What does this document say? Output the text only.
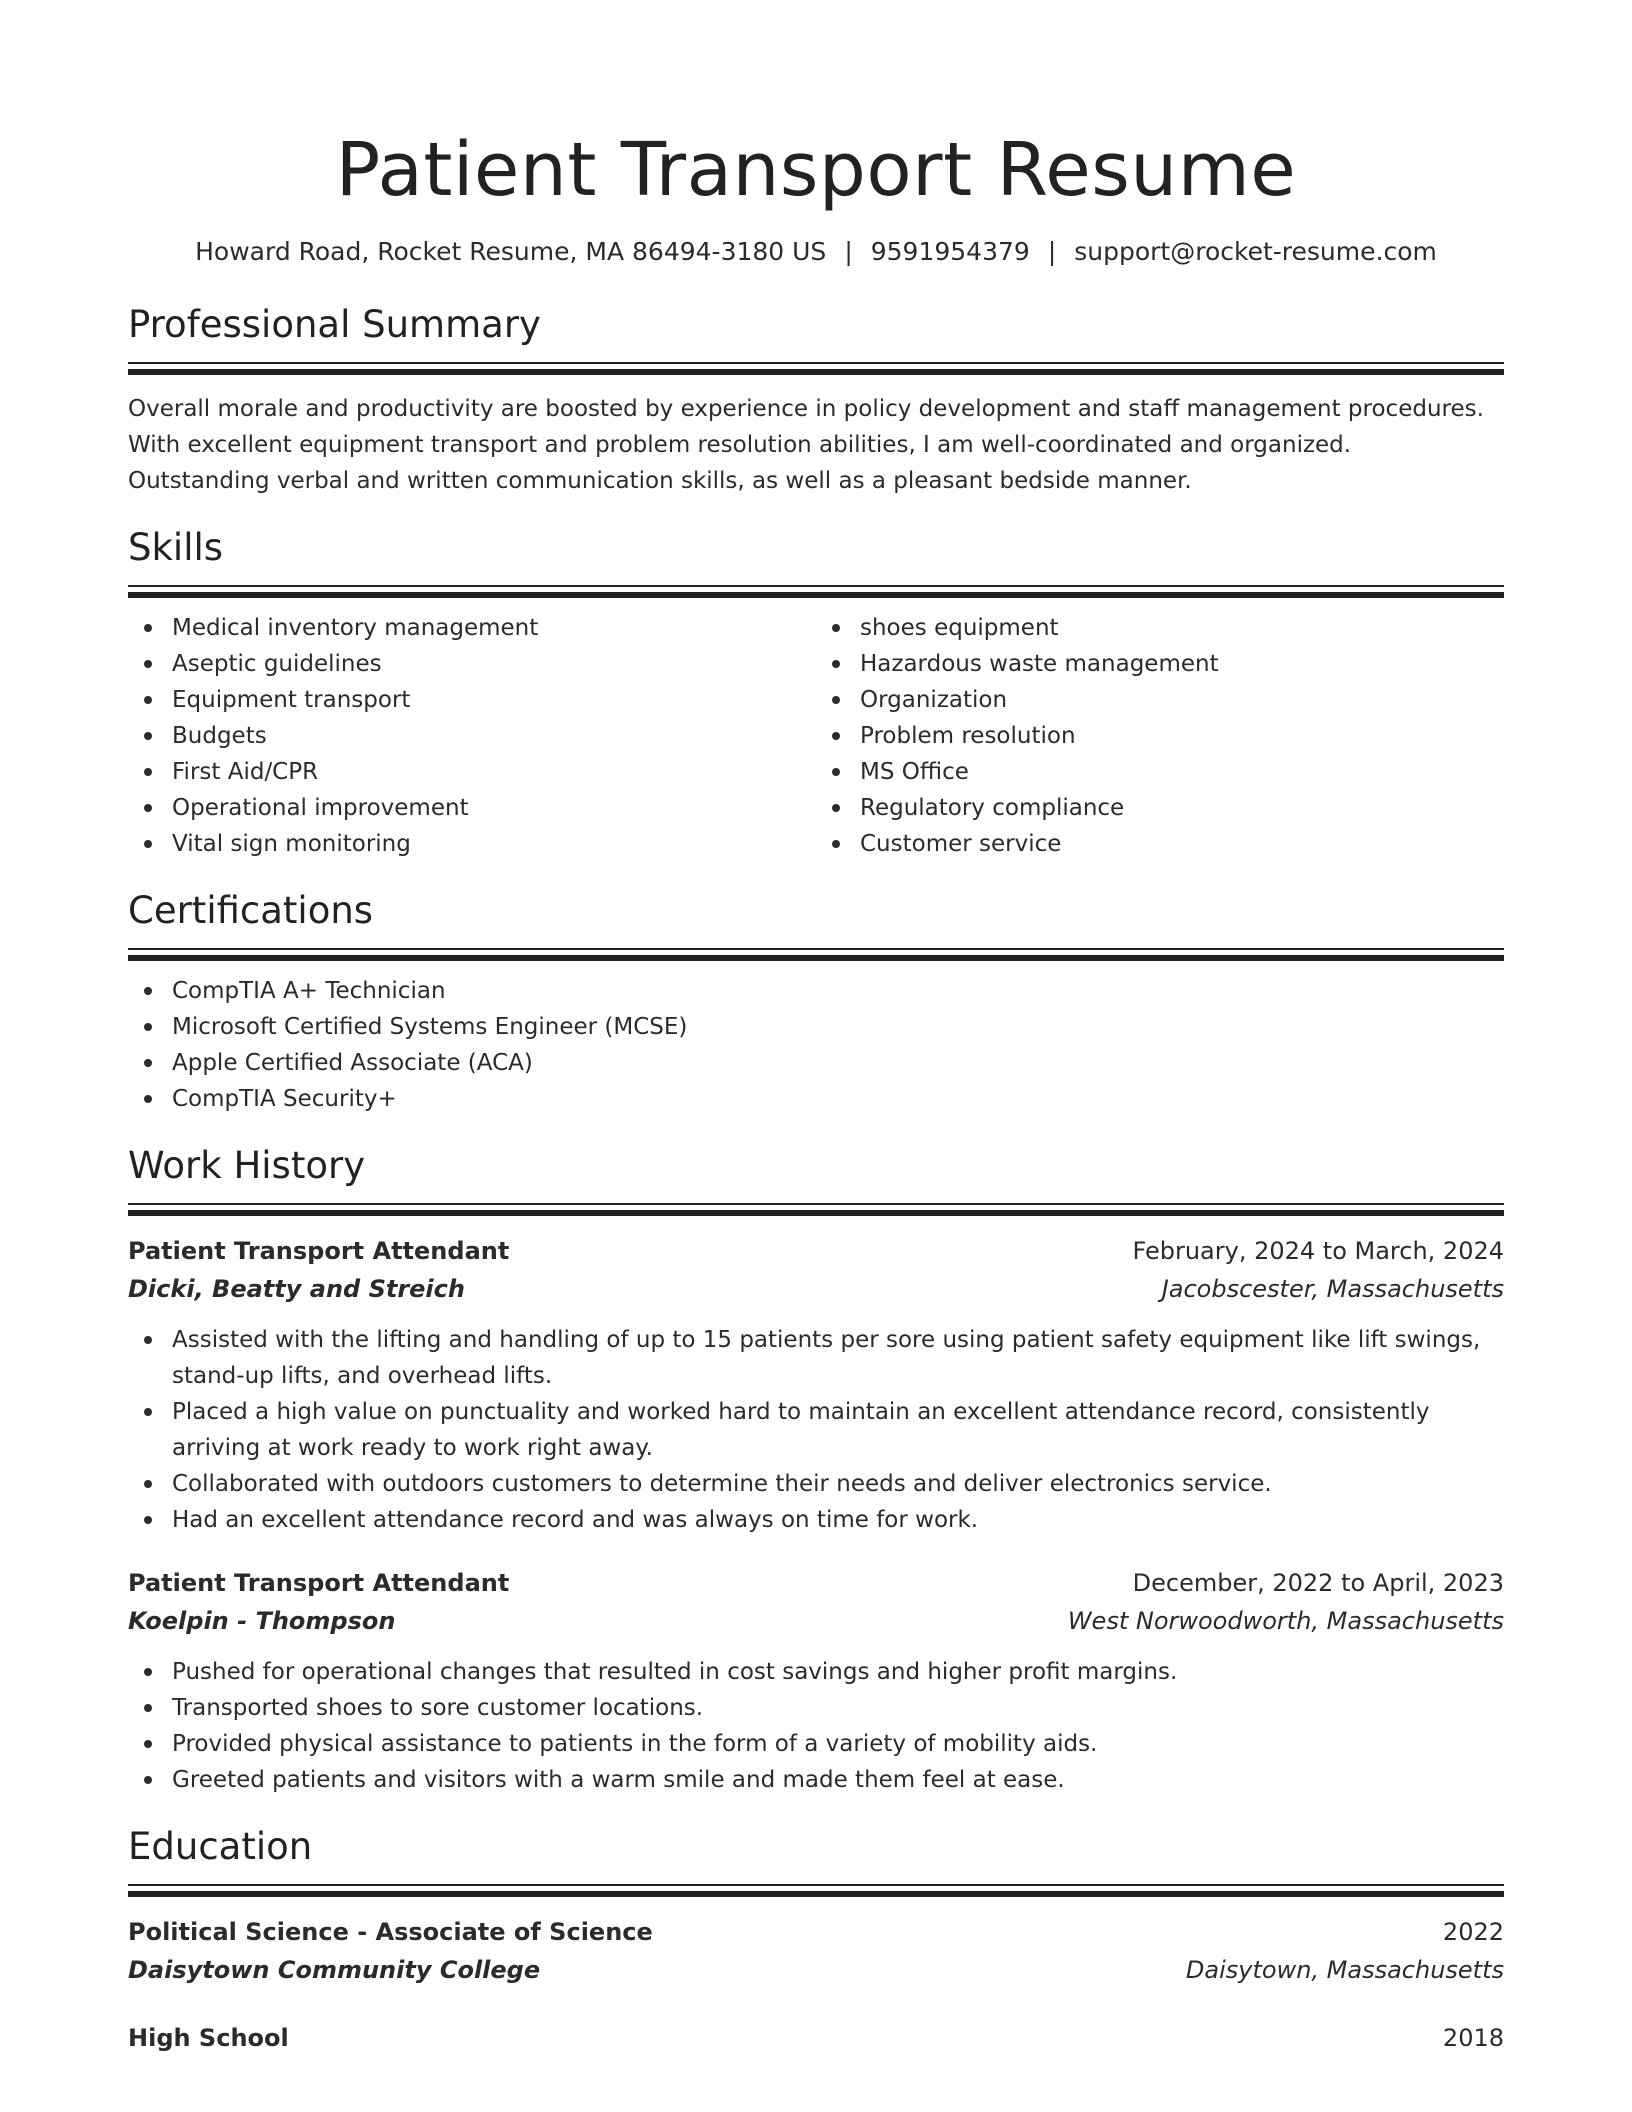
Patient Transport Resume
Howard Road, Rocket Resume, MA 86494-3180 US | 9591954379 | support@rocket-resume.com
Professional Summary

Overall morale and productivity are boosted by experience in policy development and staff management procedures.

With excellent equipment transport and problem resolution abilities, I am well-coordinated and organized.

Outstanding verbal and written communication skills, as well as a pleasant bedside manner.

Skills
Medical inventory management
Aseptic guidelines
Equipment transport
Budgets
First Aid/CPR
Operational improvement
Vital sign monitoring
shoes equipment
Hazardous waste management
Organization
Problem resolution
MS Office
Regulatory compliance
Customer service
Certifications
CompTIA A+ Technician
Microsoft Certified Systems Engineer (MCSE)
Apple Certified Associate (ACA)
CompTIA Security+
Work History
Patient Transport Attendant	February, 2024 to March, 2024
Dicki, Beatty and Streich	Jacobscester, Massachusetts
Assisted with the lifting and handling of up to 15 patients per sore using patient safety equipment like lift swings, stand-up lifts, and overhead lifts.
Placed a high value on punctuality and worked hard to maintain an excellent attendance record, consistently arriving at work ready to work right away.
Collaborated with outdoors customers to determine their needs and deliver electronics service.
Had an excellent attendance record and was always on time for work.
Patient Transport Attendant	December, 2022 to April, 2023
Koelpin - Thompson	West Norwoodworth, Massachusetts
Pushed for operational changes that resulted in cost savings and higher profit margins.
Transported shoes to sore customer locations.
Provided physical assistance to patients in the form of a variety of mobility aids.
Greeted patients and visitors with a warm smile and made them feel at ease.
Education
Political Science - Associate of Science	2022
Daisytown Community College	Daisytown, Massachusetts
High School	2018
